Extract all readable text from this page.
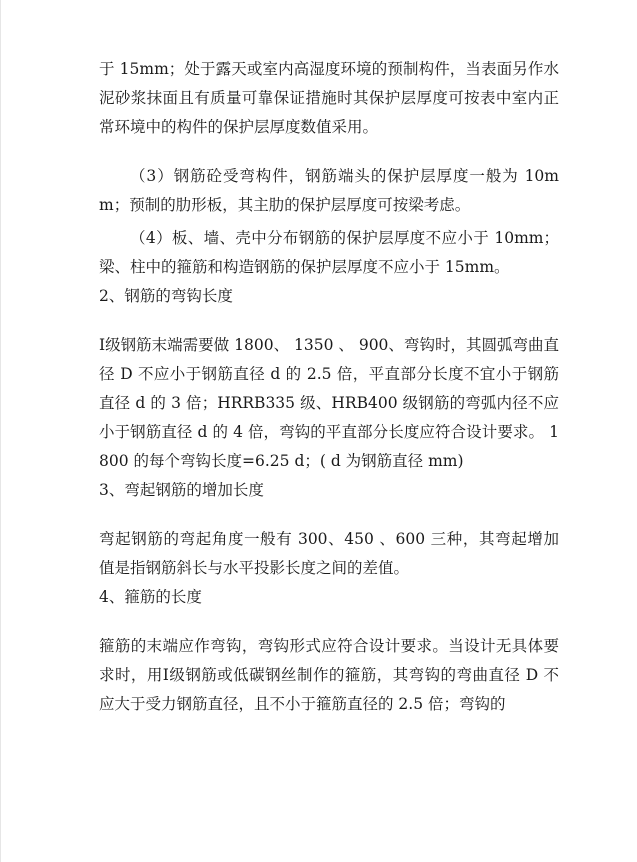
于 15mm；处于露天或室内高湿度环境的预制构件，当表面另作水泥砂浆抹面且有质量可靠保证措施时其保护层厚度可按表中室内正常环境中的构件的保护层厚度数值采用。

（3）钢筋砼受弯构件，钢筋端头的保护层厚度一般为 10mm；预制的肋形板，其主肋的保护层厚度可按梁考虑。

（4）板、墙、壳中分布钢筋的保护层厚度不应小于 10mm；梁、柱中的箍筋和构造钢筋的保护层厚度不应小于 15mm。

2、钢筋的弯钩长度

Ⅰ级钢筋末端需要做 1800、 1350 、 900、弯钩时，其圆弧弯曲直径 D 不应小于钢筋直径 d 的 2.5 倍，平直部分长度不宜小于钢筋直径 d 的 3 倍；HRRB335 级、HRB400 级钢筋的弯弧内径不应小于钢筋直径 d 的 4 倍，弯钩的平直部分长度应符合设计要求。 1800 的每个弯钩长度=6.25 d；( d 为钢筋直径 mm)

3、弯起钢筋的增加长度

弯起钢筋的弯起角度一般有 300、450 、600 三种，其弯起增加值是指钢筋斜长与水平投影长度之间的差值。

4、箍筋的长度

箍筋的末端应作弯钩，弯钩形式应符合设计要求。当设计无具体要求时，用Ⅰ级钢筋或低碳钢丝制作的箍筋，其弯钩的弯曲直径 D 不应大于受力钢筋直径，且不小于箍筋直径的 2.5 倍；弯钩的
